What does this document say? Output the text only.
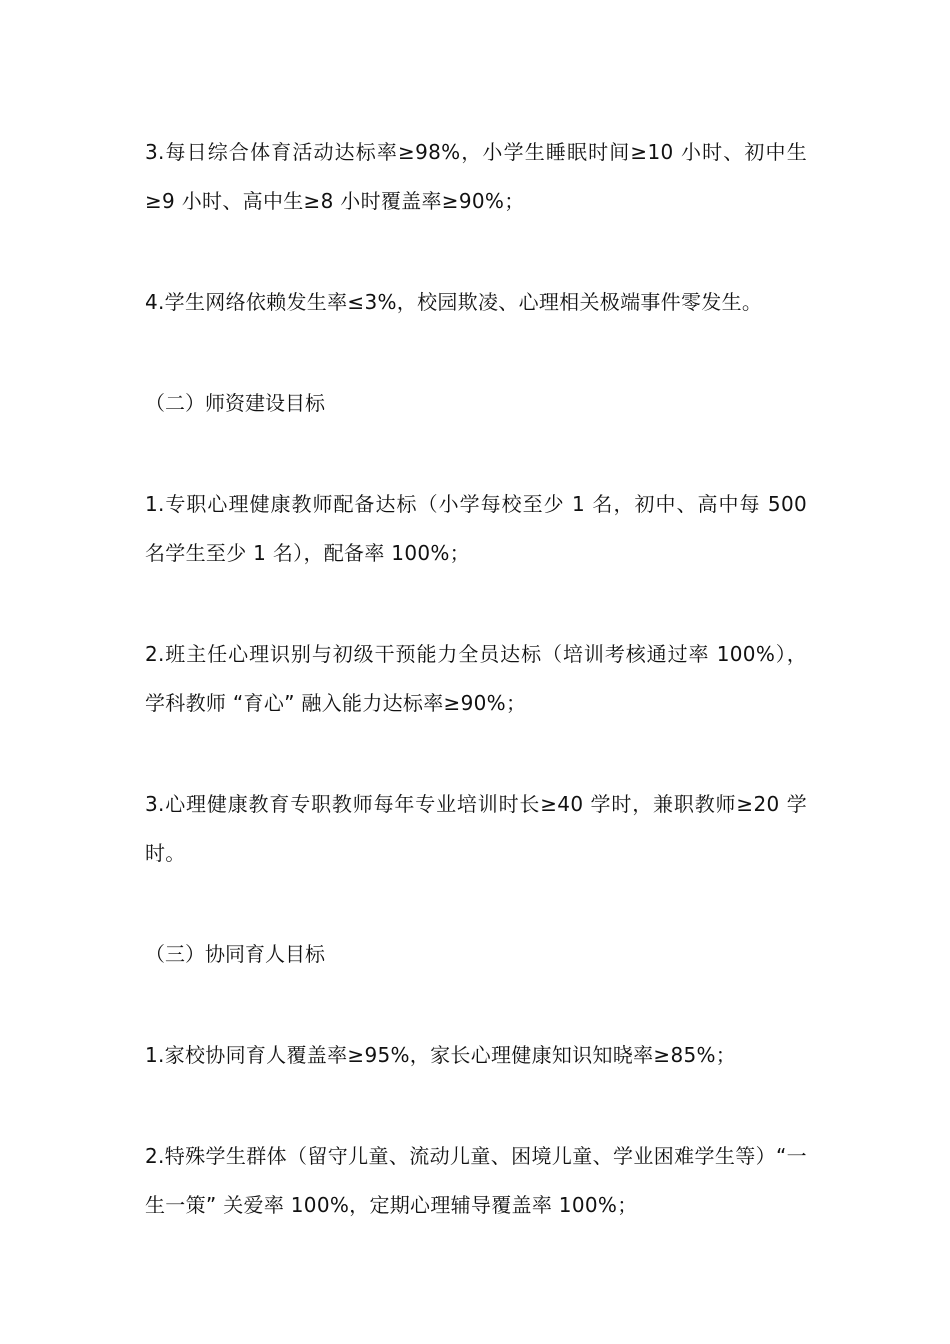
3.每日综合体育活动达标率≥98%，小学生睡眠时间≥10 小时、初中生≥9 小时、高中生≥8 小时覆盖率≥90%；

4.学生网络依赖发生率≤3%，校园欺凌、心理相关极端事件零发生。

（二）师资建设目标

1.专职心理健康教师配备达标（小学每校至少 1 名，初中、高中每 500 名学生至少 1 名），配备率 100%；

2.班主任心理识别与初级干预能力全员达标（培训考核通过率 100%），学科教师 “育心” 融入能力达标率≥90%；

3.心理健康教育专职教师每年专业培训时长≥40 学时，兼职教师≥20 学时。

（三）协同育人目标

1.家校协同育人覆盖率≥95%，家长心理健康知识知晓率≥85%；

2.特殊学生群体（留守儿童、流动儿童、困境儿童、学业困难学生等）“一生一策” 关爱率 100%，定期心理辅导覆盖率 100%；
